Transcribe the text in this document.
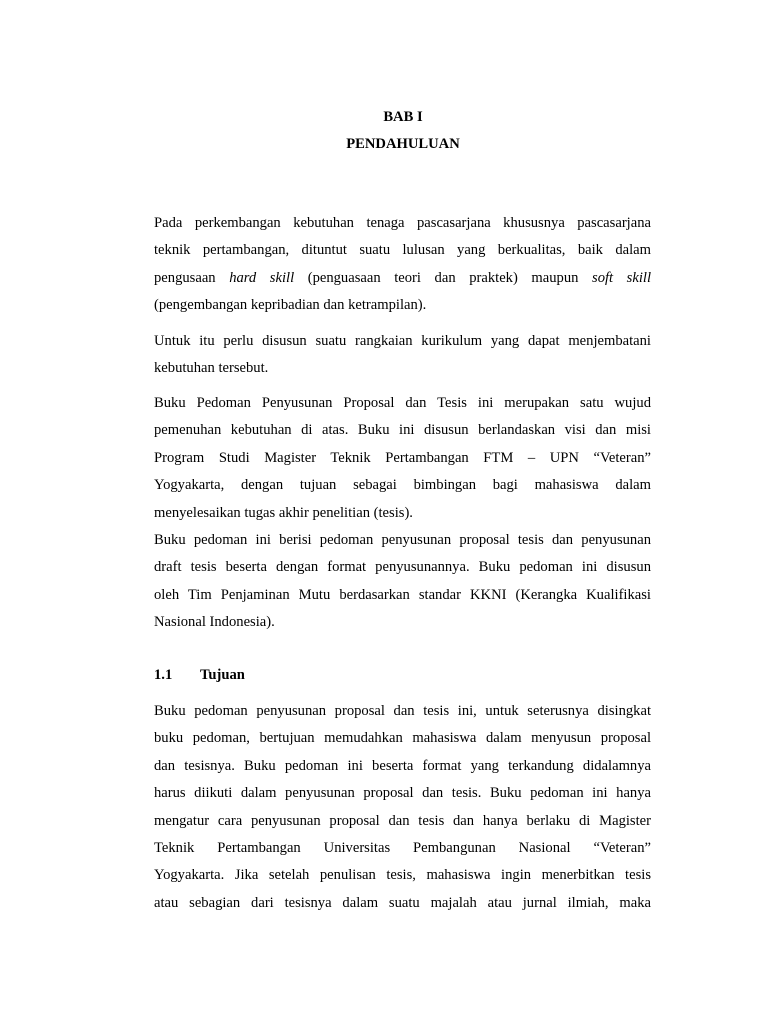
BAB I
PENDAHULUAN
Pada perkembangan kebutuhan tenaga pascasarjana khususnya pascasarjana
teknik pertambangan, dituntut suatu lulusan yang berkualitas, baik dalam
pengusaan hard skill (penguasaan teori dan praktek) maupun soft skill
(pengembangan kepribadian dan ketrampilan).
Untuk itu perlu disusun suatu rangkaian kurikulum yang dapat menjembatani
kebutuhan tersebut.
Buku Pedoman Penyusunan Proposal dan Tesis ini merupakan satu wujud
pemenuhan kebutuhan di atas. Buku ini disusun berlandaskan visi dan misi
Program Studi Magister Teknik Pertambangan FTM – UPN “Veteran”
Yogyakarta, dengan tujuan sebagai bimbingan bagi mahasiswa dalam
menyelesaikan tugas akhir penelitian (tesis).
Buku pedoman ini berisi pedoman penyusunan proposal tesis dan penyusunan
draft tesis beserta dengan format penyusunannya. Buku pedoman ini disusun
oleh Tim Penjaminan Mutu berdasarkan standar KKNI (Kerangka Kualifikasi
Nasional Indonesia).
1.1 Tujuan
Buku pedoman penyusunan proposal dan tesis ini, untuk seterusnya disingkat
buku pedoman, bertujuan memudahkan mahasiswa dalam menyusun proposal
dan tesisnya. Buku pedoman ini beserta format yang terkandung didalamnya
harus diikuti dalam penyusunan proposal dan tesis. Buku pedoman ini hanya
mengatur cara penyusunan proposal dan tesis dan hanya berlaku di Magister
Teknik Pertambangan Universitas Pembangunan Nasional “Veteran”
Yogyakarta. Jika setelah penulisan tesis, mahasiswa ingin menerbitkan tesis
atau sebagian dari tesisnya dalam suatu majalah atau jurnal ilmiah, maka
